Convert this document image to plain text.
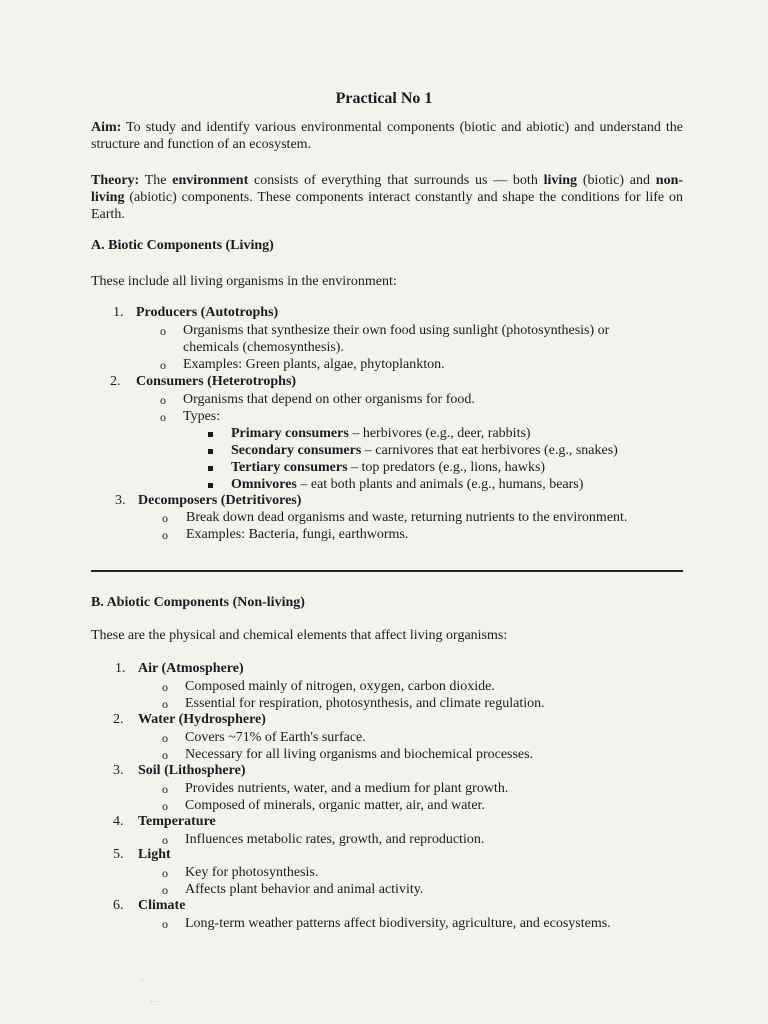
Practical No 1
Aim: To study and identify various environmental components (biotic and abiotic) and understand the structure and function of an ecosystem.
Theory: The environment consists of everything that surrounds us — both living (biotic) and non-living (abiotic) components. These components interact constantly and shape the conditions for life on Earth.
A. Biotic Components (Living)
These include all living organisms in the environment:
1. Producers (Autotrophs)
o Organisms that synthesize their own food using sunlight (photosynthesis) or
chemicals (chemosynthesis).
o Examples: Green plants, algae, phytoplankton.
2. Consumers (Heterotrophs)
o Organisms that depend on other organisms for food.
o Types:
Primary consumers – herbivores (e.g., deer, rabbits)
Secondary consumers – carnivores that eat herbivores (e.g., snakes)
Tertiary consumers – top predators (e.g., lions, hawks)
Omnivores – eat both plants and animals (e.g., humans, bears)
3. Decomposers (Detritivores)
o Break down dead organisms and waste, returning nutrients to the environment.
o Examples: Bacteria, fungi, earthworms.
B. Abiotic Components (Non-living)
These are the physical and chemical elements that affect living organisms:
1. Air (Atmosphere)
o Composed mainly of nitrogen, oxygen, carbon dioxide.
o Essential for respiration, photosynthesis, and climate regulation.
2. Water (Hydrosphere)
o Covers ~71% of Earth's surface.
o Necessary for all living organisms and biochemical processes.
3. Soil (Lithosphere)
o Provides nutrients, water, and a medium for plant growth.
o Composed of minerals, organic matter, air, and water.
4. Temperature
o Influences metabolic rates, growth, and reproduction.
5. Light
o Key for photosynthesis.
o Affects plant behavior and animal activity.
6. Climate
o Long-term weather patterns affect biodiversity, agriculture, and ecosystems.
·
· ·
